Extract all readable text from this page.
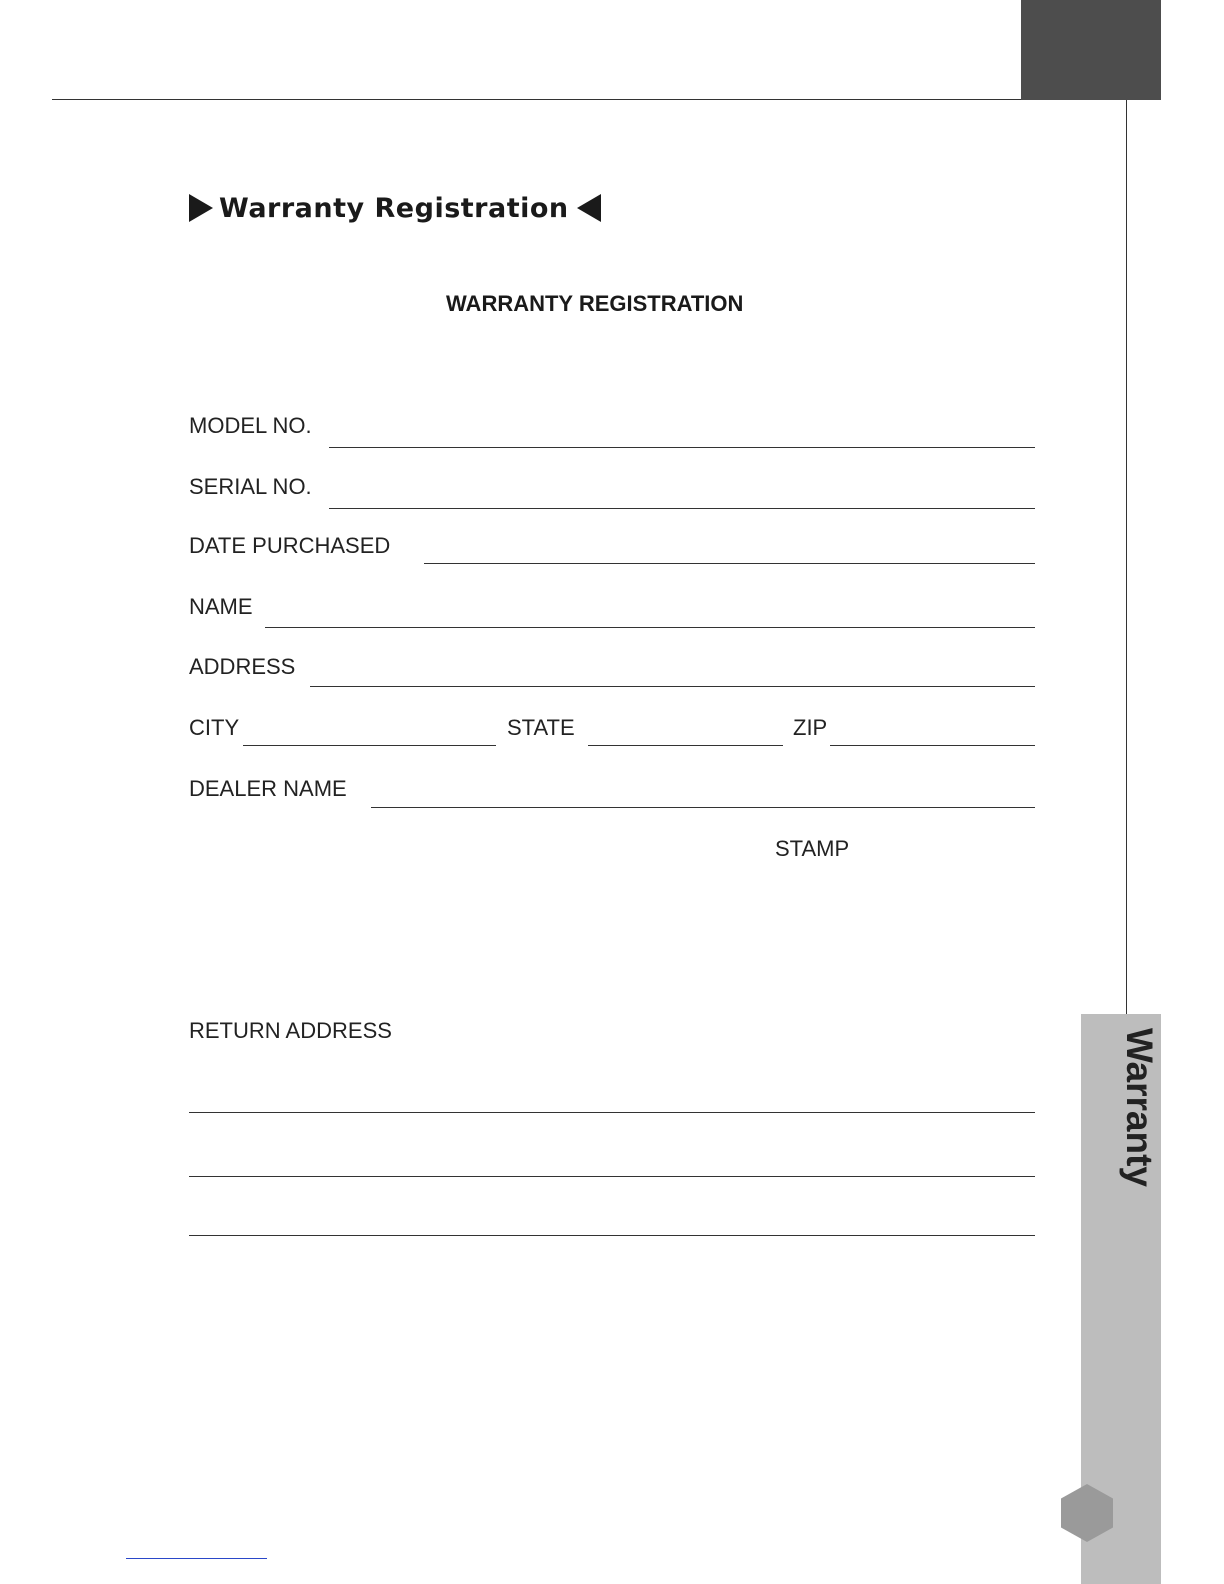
Warranty
Warranty Registration
WARRANTY REGISTRATION
MODEL NO.
SERIAL NO.
DATE PURCHASED
NAME
ADDRESS
CITY	STATE	ZIP
DEALER NAME
STAMP
RETURN ADDRESS
